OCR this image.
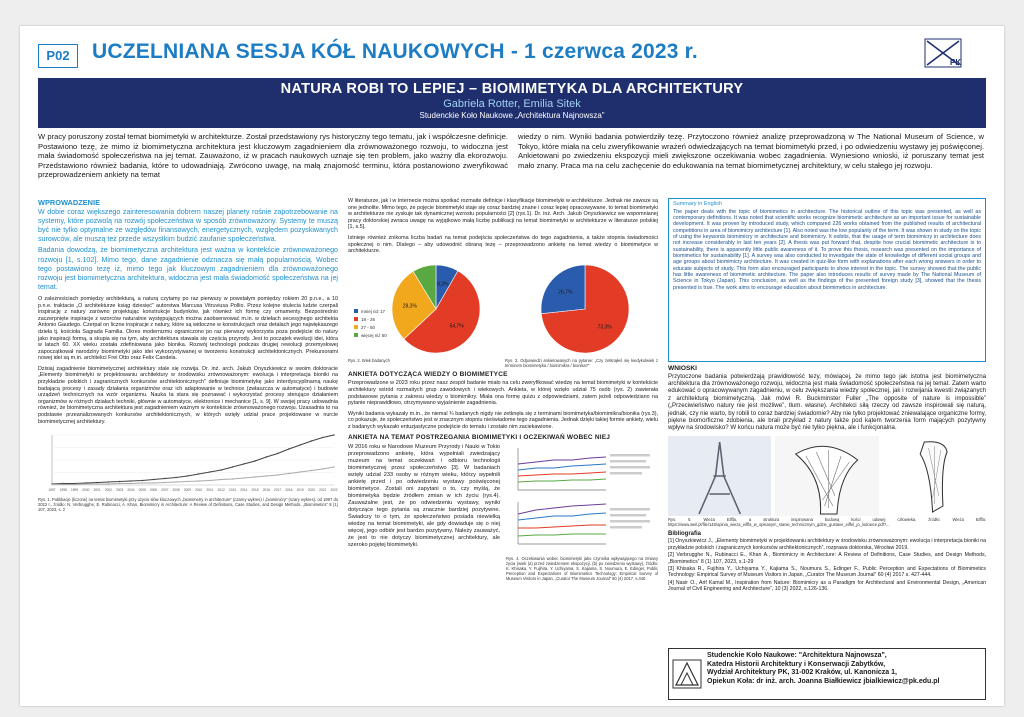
P02	UCZELNIANA SESJA KÓŁ NAUKOWYCH - 1 czerwca 2023 r.	PK
NATURA ROBI TO LEPIEJ – BIOMIMETYKA DLA ARCHITEKTURY
Gabriela Rotter, Emilia Sitek
Studenckie Koło Naukowe „Architektura Najnowsza”
W pracy poruszony został temat biomimetyki w architekturze. Został przedstawiony rys historyczny tego tematu, jak i współczesne definicje. Postawiono tezę, że mimo iż biomimetyczna architektura jest kluczowym zagadnieniem dla zrównoważonego rozwoju, to widoczna jest mała świadomość społeczeństwa na jej temat. Zauważono, iż w pracach naukowych uznaje się ten problem, jako ważny dla ekorozwoju. Przedstawiono również badania, które to udowadniają. Zwrócono uwagę, na małą znajomość terminu, która postanowiono zweryfikować przeprowadzeniem ankiety na temat
wiedzy o nim. Wyniki badania potwierdziły tezę. Przytoczono również analizę przeprowadzoną w The National Museum of Science, w Tokyo, które miała na celu zweryfikowanie wrażeń odwiedzających na temat biomimetyki przed, i po odwiedzeniu wystawy jej poświęconej. Ankietowani po zwiedzeniu ekspozycji mieli zwiększone oczekiwania wobec zagadnienia. Wyniesiono wnioski, iż poruszany temat jest mało znany. Praca ma na celu zachęcenie do edukowania na temat biomimetycznej architektury, w celu stałego jej rozwoju.
WPROWADZENIE

W dobie coraz większego zainteresowania dobrem naszej planety rośnie zapotrzebowanie na systemy, które pozwolą na rozwój społeczeństwa w sposób zrównoważony. Systemy te muszą być nie tylko optymalne ze względów finansowych, energetycznych, względem pozyskiwanych surowców, ale muszą też przede wszystkim budzić zaufanie społeczeństwa.

Badania dowodzą, że biomimetyczna architektura jest ważna w kontekście zrównoważonego rozwoju [1, s.102]. Mimo tego, dane zagadnienie odznacza się małą popularnością. Wobec tego postawiono tezę iż, mimo tego jak kluczowym zagadnieniem dla zrównoważonego rozwoju jest biomimetyczna architektura, widoczna jest mała świadomość społeczeństwa na jej temat.

O zależnościach pomiędzy architekturą, a naturą czytamy po raz pierwszy w powstałym pomiędzy rokiem 20 p.n.e., a 10 p.n.e. traktacie „O architekturze ksiąg dziesięć” autorstwa Marcusa Vitruviusa Pollio. Przez kolejne stulecia ludzie czerpali inspirację z natury zarówno projektując konstrukcje budynków, jak również ich formę czy ornamenty. Bezpośrednio zaczerpnięte inspiracje z wzorców naturalnie występujących można zaobserwować m.in. w dziełach secesyjnego architekta Antonio Gaudego. Czerpał on liczne inspiracje z natury, które są widoczne w konstrukcjach oraz detalach jego najwiękaszego dzieła tj. kościoła Sagrada Familia. Okres modernizmu ograniczono po raz pierwszy wykorzysta poza podejście do natury jako inspiracji formą, a skupia się na tym, aby architektura stawała się częścią przyrody. Jest to początek ewolucji idei, która w latach 60. XX wieku została zdefiniowana jako bionika. Rozwój technologii podczas drugiej rewolucji przemysłowej zapoczątkował narodziny biomimetyki jako idei wykorzystywanej w tworzeniu konstrukcji architektonicznych. Prekursorami nowej idei są m.in. architekci Frei Otto oraz Felix Candela.
Dzisiaj zagadnienie biomimetycznej architektury stale się rozwija. Dr. inż. arch. Jakub Onyszkiewicz w swoim doktoracie „Elementy biomimetyki w projektowaniu architektury w środowisku zrównoważonym: ewolucja i interpretacja bioniki na przykładzie polskich i zagranicznych konkursów architektonicznych” definiuje biomimetykę jako interdyscyplinarną naukę badającą procesy i zasady działania organizmów oraz ich adaptowanie w technice (zwłaszcza w automatyce) i budowie urządzeń technicznych na wzór organizmu. Nauka ta stara się poznawać i wykorzystać procesy sterujące działaniem organizmów w różnych działach techniki, głównie w automatyce, elektronice i mechanice [1, s. 9]. W swojej pracy udowadnia również, że biomimetyczna architektura jest zagadnieniem ważnym w kontekście zrównoważonego rozwoju. Uzasadnia to na podstawie przeanalizowanych konkursów architektonicznych, w których wzięły udział prace projektowane w nurcie biomimetycznej architektury.
1997 1998 1999 2000 2001 2002 2003 2004 2005 2006 2007 2008 2009 2010 2011 2012 2013 2014 2015 2016 2017 2018 2019 2020 2021 2022
Rys. 1. Publikacje (liczone) na temat biomimetyki przy użyciu słów kluczowych „biomimetry in architecture” (czarny wykres) i „biomimicry” (szary wykres), od 1997 do 2022 r., źródło: N. Verbrugghe, E. Rubinacci, A. Khan, Biomimicry in Architecture: A Review of Definitions, Case Studies, and Design Methods, „Biomimetics” 8 (1) 107, 2023, s. 2
W literaturze, jak i w Internecie można spotkać rozmaite definicje i klasyfikacje biomimetyki w architekturze. Jednak nie zawsze są one jednolite. Mimo tego, że pojęcie biomimetyki staje się coraz bardziej znane i coraz lepiej opracowywane, to temat biomimetyki w architekturze nie zyskuje tak dynamicznej wzrostu popularności [2] (rys.1). Dr. inż. Arch. Jakub Onyszkiewicz we wspomnianej pracy doktorskiej zwraca uwagę na wyjątkowo małą liczbę publikacji na temat biomimetyki w architekturze w literaturze polskiej [1, s.5].
Istnieje również znikoma liczba badań na temat podejścia społeczeństwa do tego zagadnienia, a także stopnia świadomości społecznej o nim. Dlatego – aby udowodnić obraną tezę – przeprowadzono ankietę na temat wiedzy o biomimetyce w architekturze.
8,3%
54,7%
28,3%
mniej niż 17
18 - 26
27 - 50
więcej niż 50
Rys. 2. Wiek badanych
73,3%
26,7%
Rys. 3. Odpowiedzi ankietowanych na pytanie: „Czy zetknąłeś się kiedykolwiek z terminem biomimetyka / biomimikra / bionika?”
ANKIETA DOTYCZĄCA WIEDZY O BIOMIMETYCE
Przeprowadzone w 2023 roku przez nasz zespół badanie miało na celu zweryfikować wiedzę na temat biomimetyki w kontekście architektury wśród rozmaitych grup zawodowych i wiekowych. Ankieta, w której wzięło udział 75 osób (rys. 2) zawierała podstawowe pytania z zakresu wiedzy o biomimikry. Miała ona formę quizu z odpowiedziami, zatem jeżeli odpowiedziano na pytanie nieprawidłowo, otrzymywano wyjaśnienie zagadnienia.
Wyniki badania wykazały m.in., że niemal ¾ badanych nigdy nie zetknęła się z terminami biomimetyka/biomimikra/bionika (rys.3), co pokazuje, że społeczeństwo jest w znacznym stopniu nieświadome tego zagadnienia. Jednak dzięki takiej formie ankiety, wielu z badanych wykazało entuzjastyczne podejście do tematu i zostało nim zaciekawione.
ANKIETA NA TEMAT POSTRZEGANIA BIOMIMETYKI I OCZEKIWAŃ WOBEC NIEJ
W 2016 roku w Narodowe Muzeum Przyrody i Nauki w Tokio przeprowadzono ankietę, która wypełniali zwiedzający muzeum na temat oczekiwań i odbioru technologii biomimetycznej przez społeczeństwo [3]. W badaniach wzięły udział 233 osoby w różnym wieku, którzy wypełnili ankietę przed i po odwiedzeniu wystawy poświęconej biomimetyce. Zostali oni zapytani o to, czy myślą, że biomimetyka będzie źródłem zmian w ich życiu (rys.4). Zauważalne jest, że po odwiedzeniu wystawy, wyniki dotyczące tego pytania są znacznie bardziej pozytywne. Świadczy to o tym, że społeczeństwo posiada niewielką wiedzę na temat biomimetyki, ale gdy dowiaduje się o niej więcej, jego odbiór jest bardzo pozytywny. Należy zauważyć, że jest to nie dotyczy biomimetycznej architektury, ale szeroko pojętej biomimetyki.
Rys. 4. Oczekiwania wobec biomimetyki jako czynnika wpływającego na zmiany życia (wiek (a) przed zwiedzeniem ekspozycji, (b) po zwiedzeniu wystawy), źródło: K. Khisaka, Y. Fujihira, Y. Uchiyama, S. Kajiama, S. Noumura, E. Edinger, Public Perception and Expectations of Biomimetics Technology: Empirical Survey of Museum Visitors in Japan, „Curator The Museum Journal” 60 (4) 2017, s.440.
Summary in English

The paper deals with the topic of biomimetics in architecture. The historical outline of this topic was presented, as well as contemporary definitions. It was noted that scientific works recognize biomimetic architecture as an important issue for sustainable development. It was proven by introduced study, which compared 226 works obtained from the published results of architectural competitions in area of biomimicry architecture [1]. Also noted was the low popularity of the term. It was shown in study on the topic of using the keywords biomimicry in architecture and biomimicry. It exibits, that the usage of term biomimicry in architecture does not increase considerably in last ten years [2]. A thesis was put forward that, despite how crucial biomimetic architecture is to sustainability, there is apparently little public awareness of it. To prove this thesis, research was presented on the importance of biomimetics for sustainability [1]. A survey was also conducted to investigate the state of knowledge of different social groups and age groups about biomimicry architecture. It was created in quiz-like form with explanations after each wrong answers in order to educate subjects of study. This form also encouraged participants to show interest in the topic. The survey showed that the public has little awareness of biomimetic architecture. The paper also introduces results of survey made by The National Museum of Science in Tokyo (Japan). This conclusion, as well as the findings of the presented foreign study [3], showed that the thesis presented is true. The work aims to encourage education about biomimetics in architecture.

WNIOSKI
Przytoczone badania potwierdzają prawidłowość tezy, mówiącej, że mimo tego jak istotna jest biomimetyczna architektura dla zrównoważonego rozwoju, widoczna jest mała świadomość społeczeństwa na jej temat. Zatem warto edukować o opracowywanym zagadnieniu, w celu zwiększania wiedzy społecznej, jak i rozwijania kwestii związanych z architekturą biomimetyczną. Jak mówi R. Buckminster Fuller „The opposite of nature is impossible” („Przeciwieństwo natury nie jest możliwe”, tłum. własne). Architekci siłą rzeczy od zawsze inspirowali się naturą, jednak, czy nie warto, by robili to coraz bardziej świadomie? Aby nie tylko projektować zniewalające organiczne formy, piękne biomorficzne zdobienia, ale brali przykład z natury także pod kątem tworzenia form mających pozytywny wpływ na środowisko? W końcu natura może być nie tylko piękna, ale i funkcjonalna.
Rys. 5. Wieża Eiffla, a struktura inspirowana budową kości udowej człowieka, źródło: Wieża Eiffla: https://www.weil.pl/file/148/opinia_wieza_eiffla_w_opisanym_stanie_technicznym_gdzie_gustave_eiffel_jo_lodowce.pdf?...
Bibliografia
[1] Onyszkiewicz J., „Elementy biomimetyki w projektowaniu architektury w środowisku zrównoważonym: ewolucja i interpretacja bioniki na przykładzie polskich i zagranicznych konkursów architektonicznych”, rozprawa doktorska, Wrocław 2019.
[2] Verbrugghe N., Rubinacci E., Khan A., Biomimicry in Architecture: A Review of Definitions, Case Studies, and Design Methods, „Biomimetics” 8 (1) 107, 2023, s.1-29
[3] Khisaka R., Fujihira Y., Uchiyama Y., Kajiama S., Noumura S., Edinger F., Public Perception and Expectations of Biomimetics Technology: Empirical Survey of Museum Visitors in Japan, „Curator The Museum Journal” 60 (4) 2017 s. 427-444.
[4] Nasir O., Arif Kamal M., Inspiration from Nature: Biomimicry as a Paradigm for Architectural and Environmental Design, „American Journal of Civil Engineering and Architecture”, 10 (3) 2022, s.126-136.
Studenckie Koło Naukowe: "Architektura Najnowsza",
Katedra Historii Architektury i Konserwacji Zabytków,
Wydział Architektury PK, 31-002 Kraków, ul. Kanonicza 1,
Opiekun Koła: dr inż. arch. Joanna Białkiewicz jbialkiewicz@pk.edu.pl
